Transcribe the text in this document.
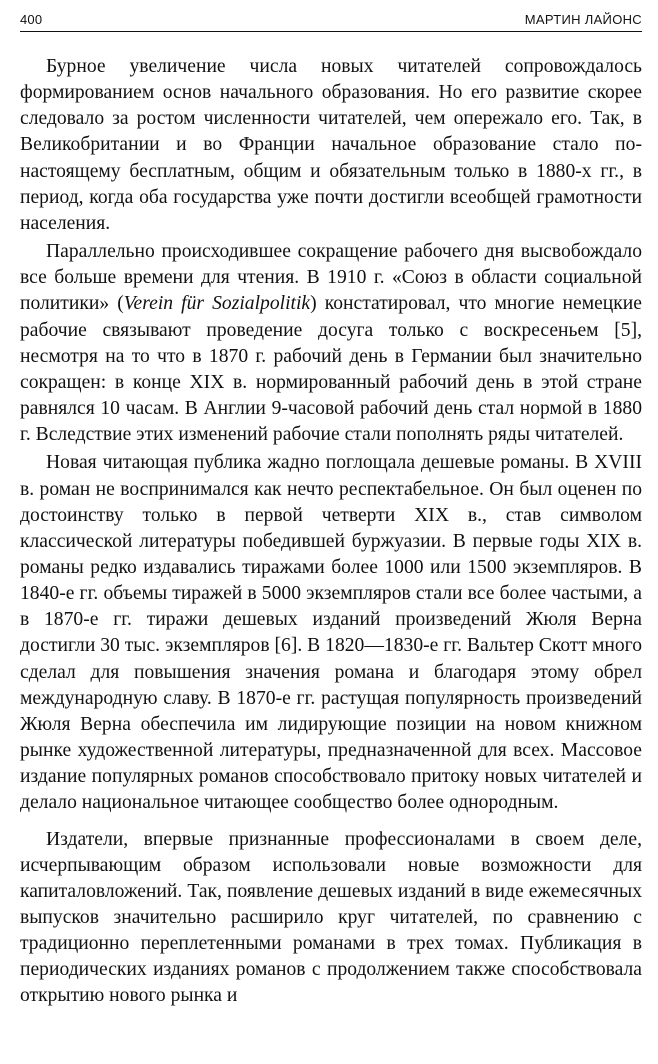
400	МАРТИН ЛАЙОНС

Бурное увеличение числа новых читателей сопровождалось формированием основ начального образования. Но его развитие скорее следовало за ростом численности читателей, чем опережало его. Так, в Великобритании и во Франции начальное образование стало по-настоящему бесплатным, общим и обязательным только в 1880-х гг., в период, когда оба государства уже почти достигли всеобщей грамотности населения.

Параллельно происходившее сокращение рабочего дня высвобождало все больше времени для чтения. В 1910 г. «Союз в области социальной политики» (Verein für Sozialpolitik) констатировал, что многие немецкие рабочие связывают проведение досуга только с воскресеньем [5], несмотря на то что в 1870 г. рабочий день в Германии был значительно сокращен: в конце XIX в. нормированный рабочий день в этой стране равнялся 10 часам. В Англии 9-часовой рабочий день стал нормой в 1880 г. Вследствие этих изменений рабочие стали пополнять ряды читателей.

Новая читающая публика жадно поглощала дешевые романы. В XVIII в. роман не воспринимался как нечто респектабельное. Он был оценен по достоинству только в первой четверти XIX в., став символом классической литературы победившей буржуазии. В первые годы XIX в. романы редко издавались тиражами более 1000 или 1500 экземпляров. В 1840-е гг. объемы тиражей в 5000 экземпляров стали все более частыми, а в 1870-е гг. тиражи дешевых изданий произведений Жюля Верна достигли 30 тыс. экземпляров [6]. В 1820—1830-е гг. Вальтер Скотт много сделал для повышения значения романа и благодаря этому обрел международную славу. В 1870-е гг. растущая популярность произведений Жюля Верна обеспечила им лидирующие позиции на новом книжном рынке художественной литературы, предназначенной для всех. Массовое издание популярных романов способствовало притоку новых читателей и делало национальное читающее сообщество более однородным.

Издатели, впервые признанные профессионалами в своем деле, исчерпывающим образом использовали новые возможности для капиталовложений. Так, появление дешевых изданий в виде ежемесячных выпусков значительно расширило круг читателей, по сравнению с традиционно переплетенными романами в трех томах. Публикация в периодических изданиях романов с продолжением также способствовала открытию нового рынка и
